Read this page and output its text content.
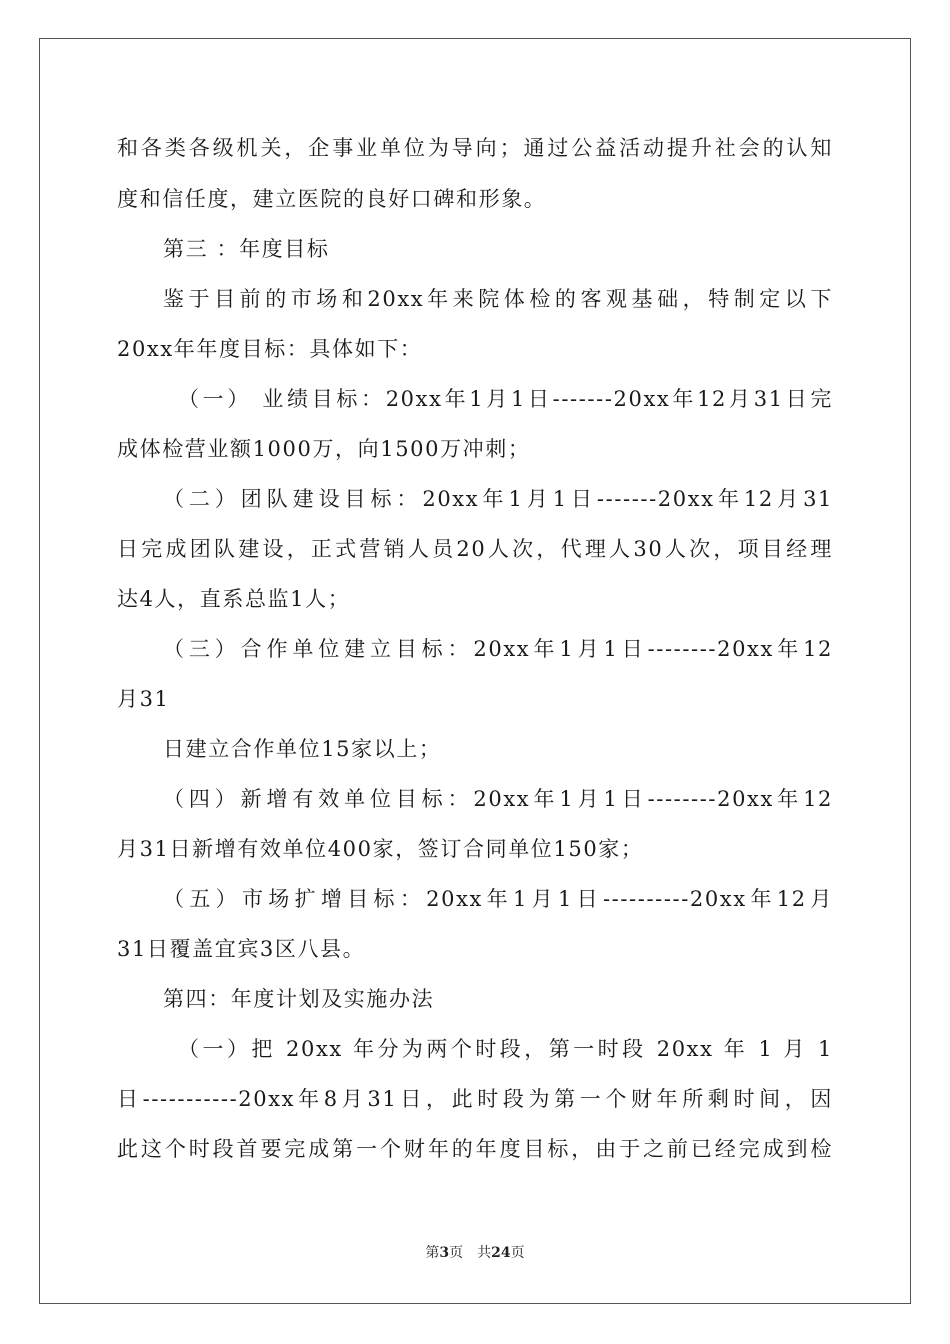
和各类各级机关，企事业单位为导向；通过公益活动提升社会的认知
度和信任度，建立医院的良好口碑和形象。
第三 ：年度目标
鉴于目前的市场和20xx年来院体检的客观基础，特制定以下
20xx年年度目标：具体如下：
（一） 业绩目标：20xx年1月1日-------20xx年12月31日完
成体检营业额1000万，向1500万冲刺；
（二）团队建设目标：20xx年1月1日-------20xx年12月31
日完成团队建设，正式营销人员20人次，代理人30人次，项目经理
达4人，直系总监1人；
（三）合作单位建立目标：20xx年1月1日--------20xx年12
月31
日建立合作单位15家以上；
（四）新增有效单位目标：20xx年1月1日--------20xx年12
月31日新增有效单位400家，签订合同单位150家；
（五）市场扩增目标：20xx年1月1日----------20xx年12月
31日覆盖宜宾3区八县。
第四：年度计划及实施办法
（一）把 20xx 年分为两个时段，第一时段 20xx 年 1 月 1
日-----------20xx年8月31日，此时段为第一个财年所剩时间，因
此这个时段首要完成第一个财年的年度目标，由于之前已经完成到检
第3页　共24页
